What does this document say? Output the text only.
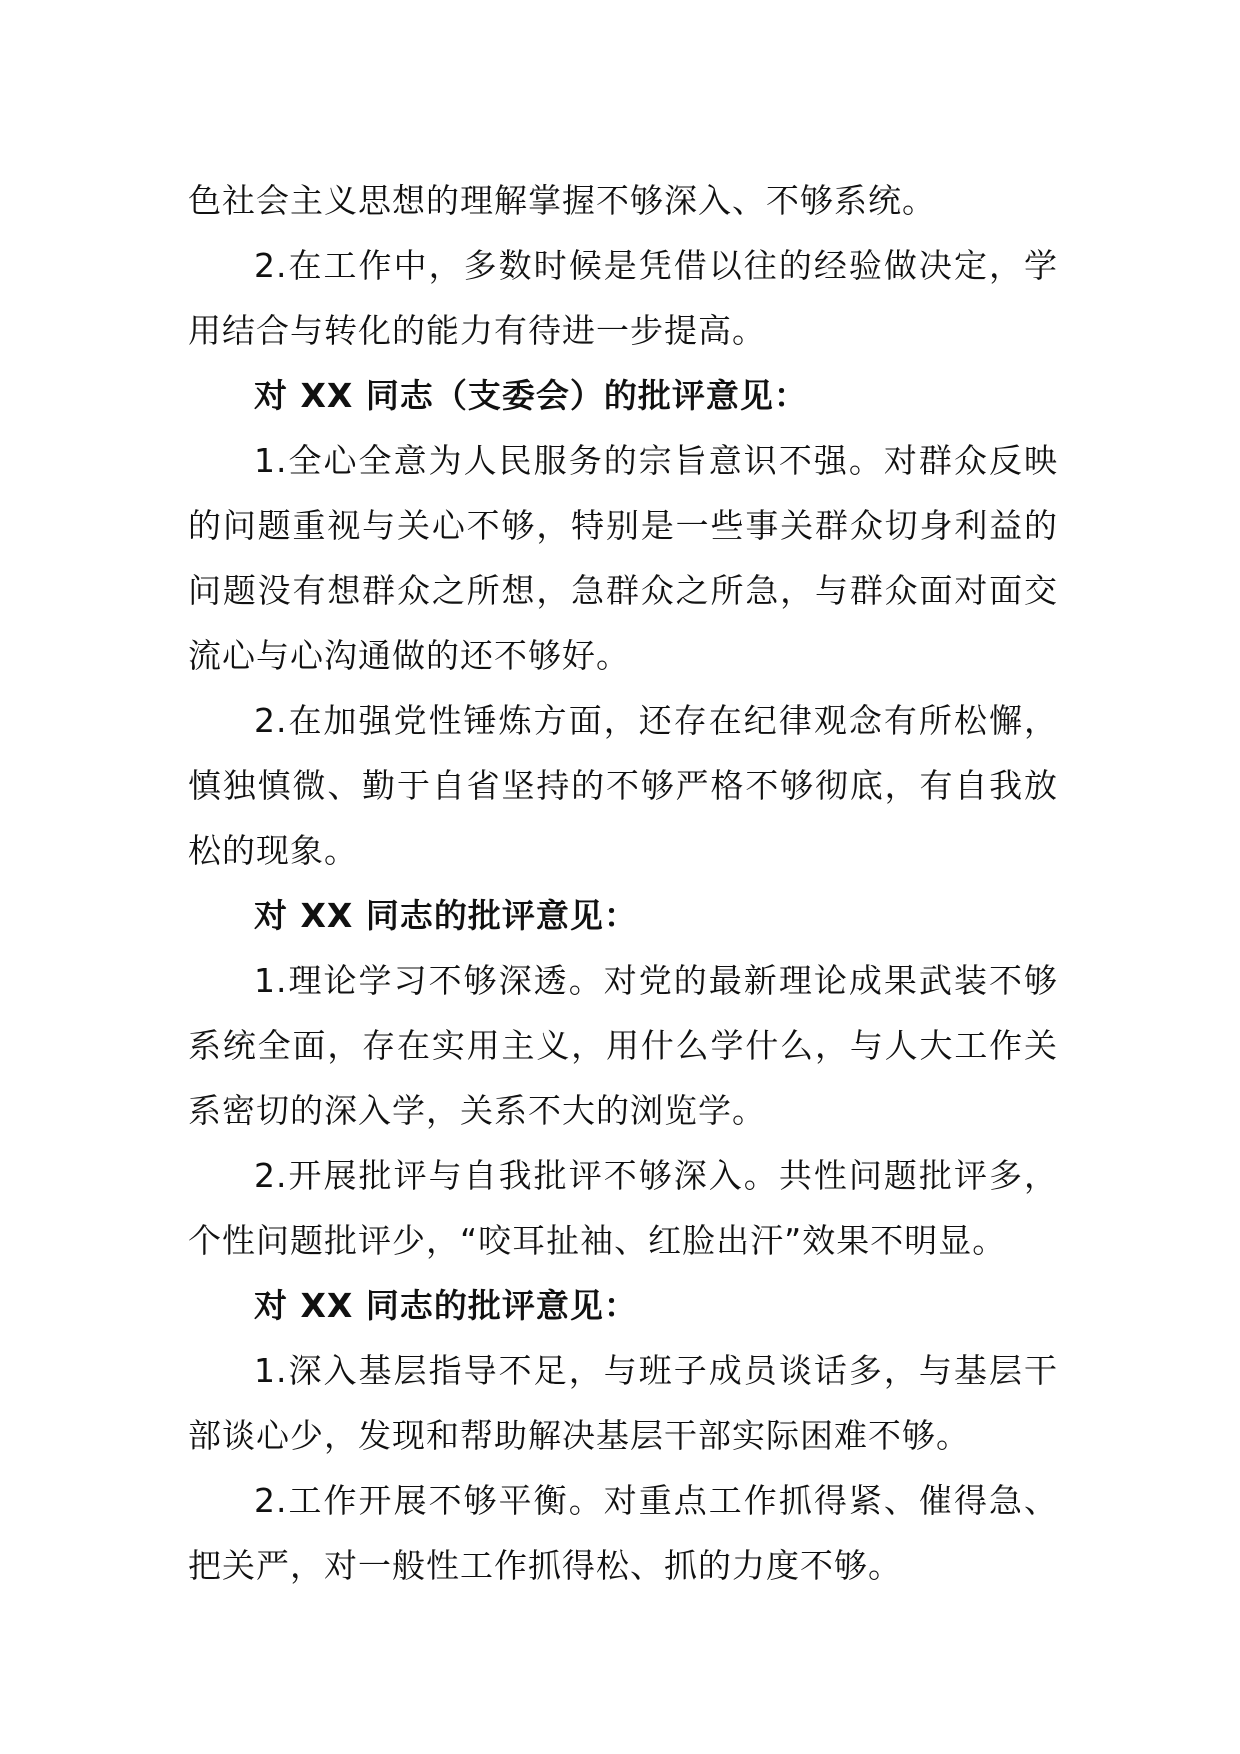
色社会主义思想的理解掌握不够深入、不够系统。

2.在工作中，多数时候是凭借以往的经验做决定，学用结合与转化的能力有待进一步提高。

对 XX 同志（支委会）的批评意见：

1.全心全意为人民服务的宗旨意识不强。对群众反映的问题重视与关心不够，特别是一些事关群众切身利益的问题没有想群众之所想，急群众之所急，与群众面对面交流心与心沟通做的还不够好。

2.在加强党性锤炼方面，还存在纪律观念有所松懈，慎独慎微、勤于自省坚持的不够严格不够彻底，有自我放松的现象。

对 XX 同志的批评意见：

1.理论学习不够深透。对党的最新理论成果武装不够系统全面，存在实用主义，用什么学什么，与人大工作关系密切的深入学，关系不大的浏览学。

2.开展批评与自我批评不够深入。共性问题批评多，个性问题批评少，“咬耳扯袖、红脸出汗”效果不明显。

对 XX 同志的批评意见：

1.深入基层指导不足，与班子成员谈话多，与基层干部谈心少，发现和帮助解决基层干部实际困难不够。

2.工作开展不够平衡。对重点工作抓得紧、催得急、把关严，对一般性工作抓得松、抓的力度不够。
